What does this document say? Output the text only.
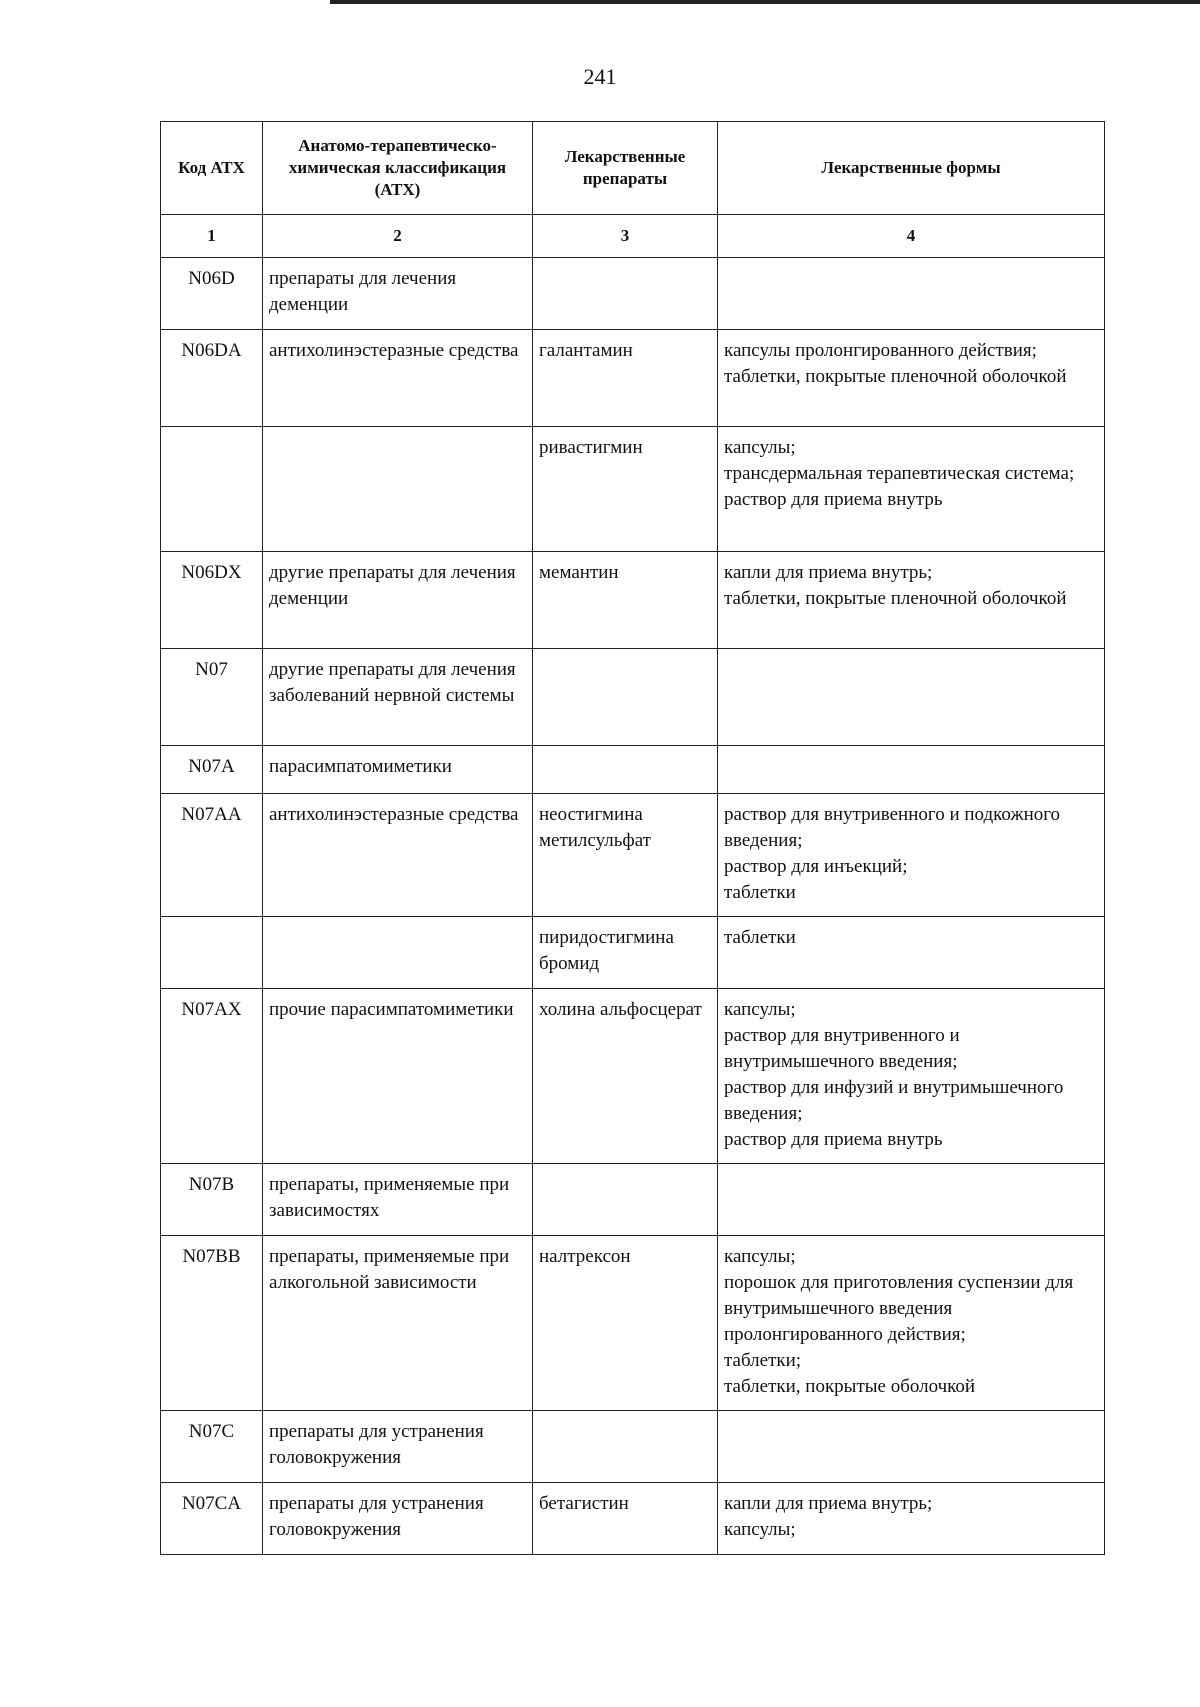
241
Код АТХ	Анатомо-терапевтическо-химическая классификация (АТХ)	Лекарственные препараты	Лекарственные формы
1	2	3	4
N06D	препараты для лечения деменции		
N06DA	антихолинэстеразные средства	галантамин	капсулы пролонгированного действия;
таблетки, покрытые пленочной оболочкой

		ривастигмин	капсулы;
трансдермальная терапевтическая система;
раствор для приема внутрь

N06DX	другие препараты для лечения деменции	мемантин	капли для приема внутрь;
таблетки, покрытые пленочной оболочкой

N07	другие препараты для лечения заболеваний нервной системы		
N07A	парасимпатомиметики		
N07AA	антихолинэстеразные средства	неостигмина метилсульфат	раствор для внутривенного и подкожного введения;
раствор для инъекций;
таблетки

		пиридостигмина бромид	таблетки

N07AX	прочие парасимпатомиметики	холина альфосцерат	капсулы;
раствор для внутривенного и внутримышечного введения;
раствор для инфузий и внутримышечного введения;
раствор для приема внутрь

N07B	препараты, применяемые при зависимостях		
N07BB	препараты, применяемые при алкогольной зависимости	налтрексон	капсулы;
порошок для приготовления суспензии для внутримышечного введения пролонгированного действия;
таблетки;
таблетки, покрытые оболочкой

N07C	препараты для устранения головокружения		
N07CA	препараты для устранения головокружения	бетагистин	капли для приема внутрь;
капсулы;
